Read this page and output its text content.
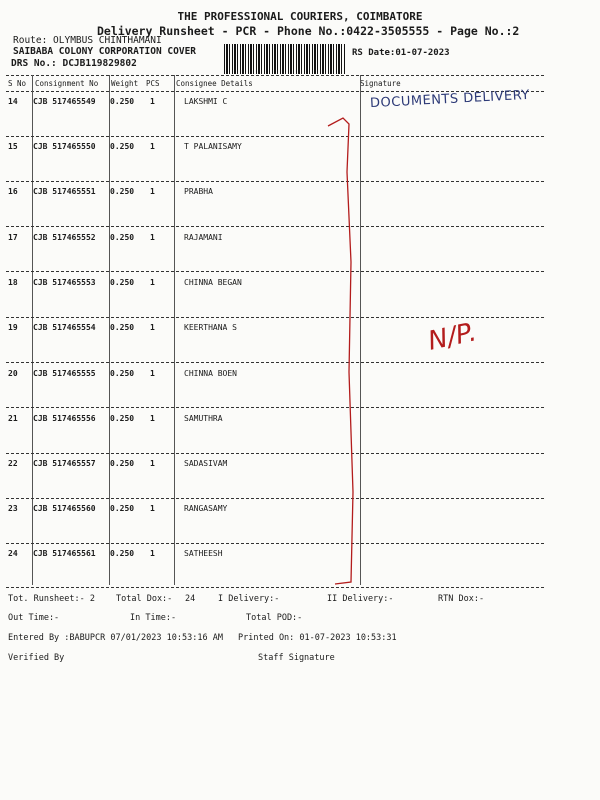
THE PROFESSIONAL COURIERS, COIMBATORE
Delivery Runsheet - PCR - Phone No.:0422-3505555 - Page No.:2
Route: OLYMBUS CHINTHAMANI
SAIBABA COLONY CORPORATION COVER
DRS No.: DCJB119829802
RS Date:01-07-2023
S No Consignment No Weight PCS Consignee Details	Signature
14 CJB 517465549 0.250 1	LAKSHMI C
15 CJB 517465550 0.250 1	T PALANISAMY
16 CJB 517465551 0.250 1	PRABHA
17 CJB 517465552 0.250 1	RAJAMANI
18 CJB 517465553 0.250 1	CHINNA BEGAN
19 CJB 517465554 0.250 1	KEERTHANA S
20 CJB 517465555 0.250 1	CHINNA BOEN
21 CJB 517465556 0.250 1	SAMUTHRA
22 CJB 517465557 0.250 1	SADASIVAM
23 CJB 517465560 0.250 1	RANGASAMY
24 CJB 517465561 0.250 1	SATHEESH
DOCUMENTS DELIVERY
N/P.
Tot. Runsheet:- 2 Total Dox:- 24	I Delivery:-	II Delivery:-	RTN Dox:-
Out Time:-	In Time:-	Total POD:-
Entered By :BABUPCR 07/01/2023 10:53:16 AM Printed On: 01-07-2023 10:53:31
Verified By	Staff Signature
